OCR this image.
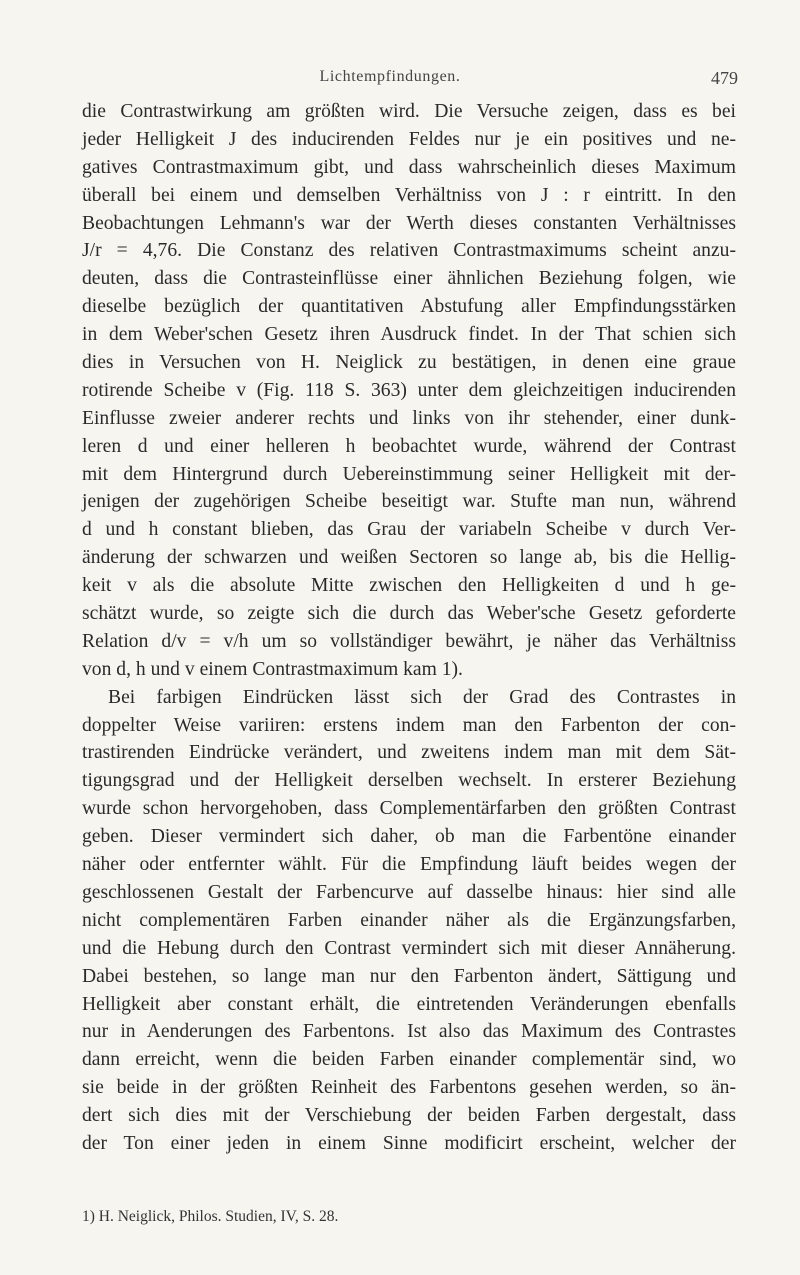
Lichtempfindungen.	479
die Contrastwirkung am größten wird. Die Versuche zeigen, dass es bei
jeder Helligkeit J des inducirenden Feldes nur je ein positives und ne-
gatives Contrastmaximum gibt, und dass wahrscheinlich dieses Maximum
überall bei einem und demselben Verhältniss von J : r eintritt. In den
Beobachtungen Lehmann's war der Werth dieses constanten Verhältnisses
J/r = 4,76. Die Constanz des relativen Contrastmaximums scheint anzu-
deuten, dass die Contrasteinflüsse einer ähnlichen Beziehung folgen, wie
dieselbe bezüglich der quantitativen Abstufung aller Empfindungsstärken
in dem Weber'schen Gesetz ihren Ausdruck findet. In der That schien sich
dies in Versuchen von H. Neiglick zu bestätigen, in denen eine graue
rotirende Scheibe v (Fig. 118 S. 363) unter dem gleichzeitigen inducirenden
Einflusse zweier anderer rechts und links von ihr stehender, einer dunk-
leren d und einer helleren h beobachtet wurde, während der Contrast
mit dem Hintergrund durch Uebereinstimmung seiner Helligkeit mit der-
jenigen der zugehörigen Scheibe beseitigt war. Stufte man nun, während
d und h constant blieben, das Grau der variabeln Scheibe v durch Ver-
änderung der schwarzen und weißen Sectoren so lange ab, bis die Hellig-
keit v als die absolute Mitte zwischen den Helligkeiten d und h ge-
schätzt wurde, so zeigte sich die durch das Weber'sche Gesetz geforderte
Relation d/v = v/h um so vollständiger bewährt, je näher das Verhältniss
von d, h und v einem Contrastmaximum kam 1).
Bei farbigen Eindrücken lässt sich der Grad des Contrastes in
doppelter Weise variiren: erstens indem man den Farbenton der con-
trastirenden Eindrücke verändert, und zweitens indem man mit dem Sät-
tigungsgrad und der Helligkeit derselben wechselt. In ersterer Beziehung
wurde schon hervorgehoben, dass Complementärfarben den größten Contrast
geben. Dieser vermindert sich daher, ob man die Farbentöne einander
näher oder entfernter wählt. Für die Empfindung läuft beides wegen der
geschlossenen Gestalt der Farbencurve auf dasselbe hinaus: hier sind alle
nicht complementären Farben einander näher als die Ergänzungsfarben,
und die Hebung durch den Contrast vermindert sich mit dieser Annäherung.
Dabei bestehen, so lange man nur den Farbenton ändert, Sättigung und
Helligkeit aber constant erhält, die eintretenden Veränderungen ebenfalls
nur in Aenderungen des Farbentons. Ist also das Maximum des Contrastes
dann erreicht, wenn die beiden Farben einander complementär sind, wo
sie beide in der größten Reinheit des Farbentons gesehen werden, so än-
dert sich dies mit der Verschiebung der beiden Farben dergestalt, dass
der Ton einer jeden in einem Sinne modificirt erscheint, welcher der
1) H. Neiglick, Philos. Studien, IV, S. 28.
